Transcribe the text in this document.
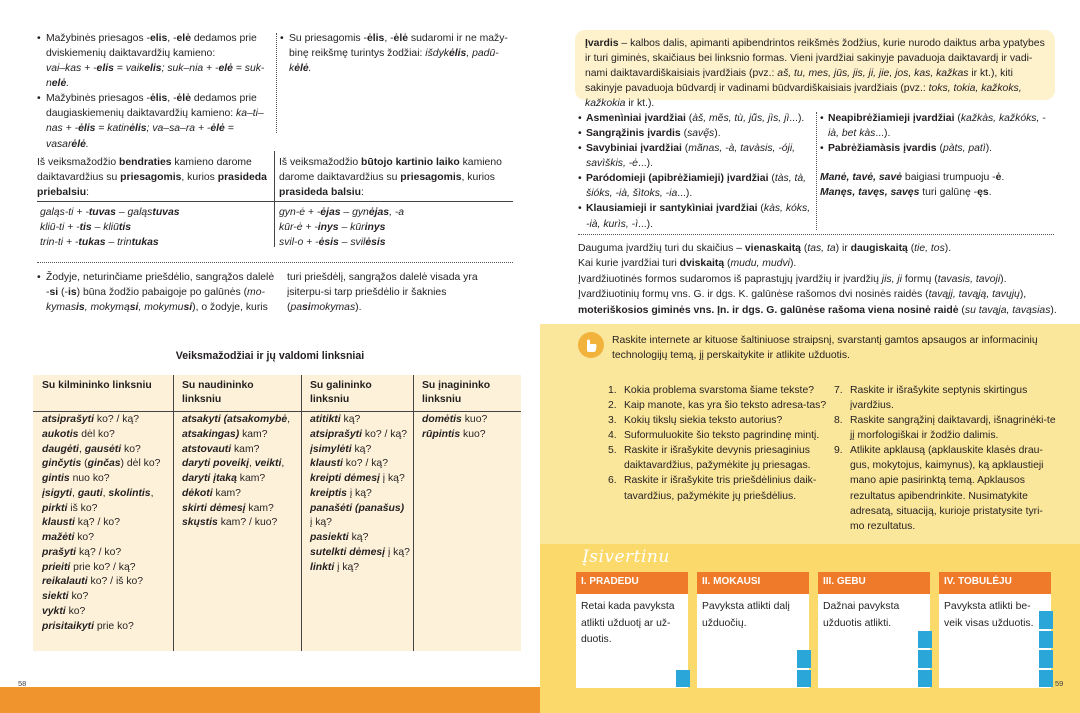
58
• Mažybinės priesagos -elis, -elė dedamos prie dviskiemenių daiktavardžių kamieno:
vai–kas + -elis = vaikelis; suk–nia + -elė = suk-nelė.
• Mažybinės priesagos -ėlis, -ėlė dedamos prie daugiaskiemenių daiktavardžių kamieno: ka–ti–nas + -ėlis = katinėlis; va–sa–ra + -ėlė = vasarėlė.
• Su priesagomis -ėlis, -ėlė sudaromi ir ne mažy-binę reikšmę turintys žodžiai: išdykėlis, padū-kėlė.
Iš veiksmažodžio bendraties kamieno darome daiktavardžius su priesagomis, kurios prasideda priebalsiu:
Iš veiksmažodžio būtojo kartinio laiko kamieno darome daiktavardžius su priesagomis, kurios prasideda balsiu:
galąs-ti + -tuvas – galąstuvas
kliū-ti + -tis – kliūtis
trin-ti + -tukas – trintukas
gyn-ė + -ėjas – gynėjas, -a
kūr-ė + -inys – kūrinys
svil-o + -ėsis – svilėsis
• Žodyje, neturinčiame priešdėlio, sangrąžos dalelė -si (-is) būna žodžio pabaigoje po galūnės (mo-kymasis, mokymąsi, mokymusi), o žodyje, kuris
turi priešdėlį, sangrąžos dalelė visada yra įsiterpu-si tarp priešdėlio ir šaknies (pasimokymas).
Veiksmažodžiai ir jų valdomi linksniai
Su kilmininko linksniu
atsiprašyti ko? / ką?
aukotis dėl ko?
daugėti, gausėti ko?
ginčytis (ginčas) dėl ko?
gintis nuo ko?
įsigyti, gauti, skolintis,
pirkti iš ko?
klausti ką? / ko?
mažėti ko?
prašyti ką? / ko?
prieiti prie ko? / ką?
reikalauti ko? / iš ko?
siekti ko?
vykti ko?
prisitaikyti prie ko?
Su naudininko linksniu
atsakyti (atsakomybė,
atsakingas) kam?
atstovauti kam?
daryti poveikį, veikti,
daryti įtaką kam?
dėkoti kam?
skirti dėmesį kam?
skųstis kam? / kuo?
Su galininko linksniu
atitikti ką?
atsiprašyti ko? / ką?
įsimylėti ką?
klausti ko? / ką?
kreipti dėmesį į ką?
kreiptis į ką?
panašėti (panašus)
į ką?
pasiekti ką?
sutelkti dėmesį į ką?
linkti į ką?
Su įnagininko linksniu
domėtis kuo?
rūpintis kuo?
Įvardis – kalbos dalis, apimanti apibendrintos reikšmės žodžius, kurie nurodo daiktus arba ypatybes ir turi giminės, skaičiaus bei linksnio formas. Vieni įvardžiai sakinyje pavaduoja daiktavardį ir vadi-nami daiktavardiškaisiais įvardžiais (pvz.: aš, tu, mes, jūs, jis, ji, jie, jos, kas, kažkas ir kt.), kiti sakinyje pavaduoja būdvardį ir vadinami būdvardiškaisiais įvardžiais (pvz.: toks, tokia, kažkoks, kažkokia ir kt.).
• Asmenìniai įvardžiai (àš, mẽs, tù, jū̃s, jìs, jì...).
• Sangrąžinis įvardis (savę̃s).
• Savybiniai įvardžiai (mãnas, -à, tavàsis, -óji, savìškis, -ė...).
• Paródomieji (apibrėžiamieji) įvardžiai (tàs, tà, šióks, -ià, šìtoks, -ia...).
• Klausiamieji ir santykìniai įvardžiai (kàs, kóks, -ià, kurìs, -ì...).
• Neapibrėžiamieji įvardžiai (kažkàs, kažkóks, -ià, bet kàs...).
• Pabrėžiamàsis įvardis (pàts, patì).
Manė, tavė, savė baigiasi trumpuoju -ė.
Manęs, tavęs, savęs turi galūnę -ęs.
Dauguma įvardžių turi du skaičius – vienaskaitą (tas, ta) ir daugiskaitą (tie, tos).
Kai kurie įvardžiai turi dviskaitą (mudu, mudvi).
Įvardžiuotinės formos sudaromos iš paprastųjų įvardžių ir įvardžių jis, ji formų (tavasis, tavoji).
Įvardžiuotinių formų vns. G. ir dgs. K. galūnėse rašomos dvi nosinės raidės (tavąjį, tavąją, tavųjų),
moteriškosios giminės vns. Įn. ir dgs. G. galūnėse rašoma viena nosinė raidė (su tavąja, tavąsias).
Raskite internete ar kituose šaltiniuose straipsnį, svarstantį gamtos apsaugos ar informacinių technologijų temą, jį perskaitykite ir atlikite užduotis.
1. Kokia problema svarstoma šiame tekste?
2. Kaip manote, kas yra šio teksto adresa-tas?
3. Kokių tikslų siekia teksto autorius?
4. Suformuluokite šio teksto pagrindinę mintį.
5. Raskite ir išrašykite devynis priesaginius daiktavardžius, pažymėkite jų priesagas.
6. Raskite ir išrašykite tris priešdėlinius daik-tavardžius, pažymėkite jų priešdėlius.
7. Raskite ir išrašykite septynis skirtingus įvardžius.
8. Raskite sangrąžinį daiktavardį, išnagrinėki-te jį morfologiškai ir žodžio dalimis.
9. Atlikite apklausą (apklauskite klasės drau-gus, mokytojus, kaimynus), ką apklaustieji mano apie pasirinktą temą. Apklausos rezultatus apibendrinkite. Nusimatykite adresatą, situaciją, kurioje pristatysite tyri-mo rezultatus.
Įsivertinu
I. PRADEDU
Retai kada pavyksta atlikti užduotį ar už-duotis.
II. MOKAUSI
Pavyksta atlikti dalį užduočių.
III. GEBU
Dažnai pavyksta užduotis atlikti.
IV. TOBULĖJU
Pavyksta atlikti be-veik visas užduotis.
59
